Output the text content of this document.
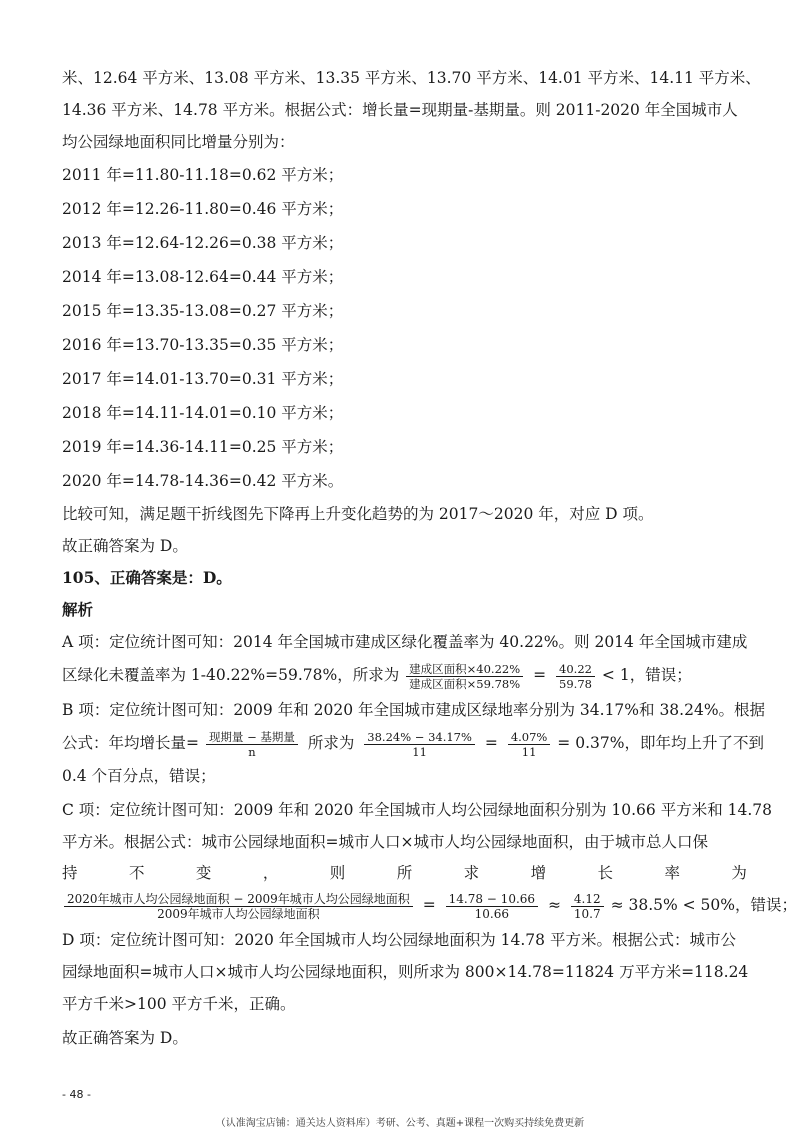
米、12.64 平方米、13.08 平方米、13.35 平方米、13.70 平方米、14.01 平方米、14.11 平方米、

14.36 平方米、14.78 平方米。根据公式：增长量=现期量-基期量。则 2011-2020 年全国城市人

均公园绿地面积同比增量分别为：

2011 年=11.80-11.18=0.62 平方米；

2012 年=12.26-11.80=0.46 平方米；

2013 年=12.64-12.26=0.38 平方米；

2014 年=13.08-12.64=0.44 平方米；

2015 年=13.35-13.08=0.27 平方米；

2016 年=13.70-13.35=0.35 平方米；

2017 年=14.01-13.70=0.31 平方米；

2018 年=14.11-14.01=0.10 平方米；

2019 年=14.36-14.11=0.25 平方米；

2020 年=14.78-14.36=0.42 平方米。

比较可知，满足题干折线图先下降再上升变化趋势的为 2017～2020 年，对应 D 项。

故正确答案为 D。

105、正确答案是：D。

解析

A 项：定位统计图可知：2014 年全国城市建成区绿化覆盖率为 40.22%。则 2014 年全国城市建成

区绿化未覆盖率为 1-40.22%=59.78%，所求为 $\frac{\text{建成区面积×40.22\%}}{\text{建成区面积×59.78\%}} = \frac{40.22}{59.78} < 1$，错误；

B 项：定位统计图可知：2009 年和 2020 年全国城市建成区绿地率分别为 34.17%和 38.24%。根据

公式：年均增长量= $\frac{\text{现期量 − 基期量}}{n}$ 所求为 $\frac{38.24\% - 34.17\%}{11} = \frac{4.07\%}{11} = 0.37\%$，即年均上升了不到

0.4 个百分点，错误；

C 项：定位统计图可知：2009 年和 2020 年全国城市人均公园绿地面积分别为 10.66 平方米和 14.78

平方米。根据公式：城市公园绿地面积=城市人口×城市人均公园绿地面积，由于城市总人口保

持	不	变	，	则	所	求	增	长	率	为
$\frac{\text{2020年城市人均公园绿地面积 − 2009年城市人均公园绿地面积}}{\text{2009年城市人均公园绿地面积}} = \frac{14.78 - 10.66}{10.66} \approx \frac{4.12}{10.7} \approx 38.5\% < 50\%$，错误；

D 项：定位统计图可知：2020 年全国城市人均公园绿地面积为 14.78 平方米。根据公式：城市公

园绿地面积=城市人口×城市人均公园绿地面积，则所求为 800×14.78=11824 万平方米=118.24

平方千米>100 平方千米，正确。

故正确答案为 D。

- 48 -
（认准淘宝店铺：通关达人资料库）考研、公考、真题+课程一次购买持续免费更新
